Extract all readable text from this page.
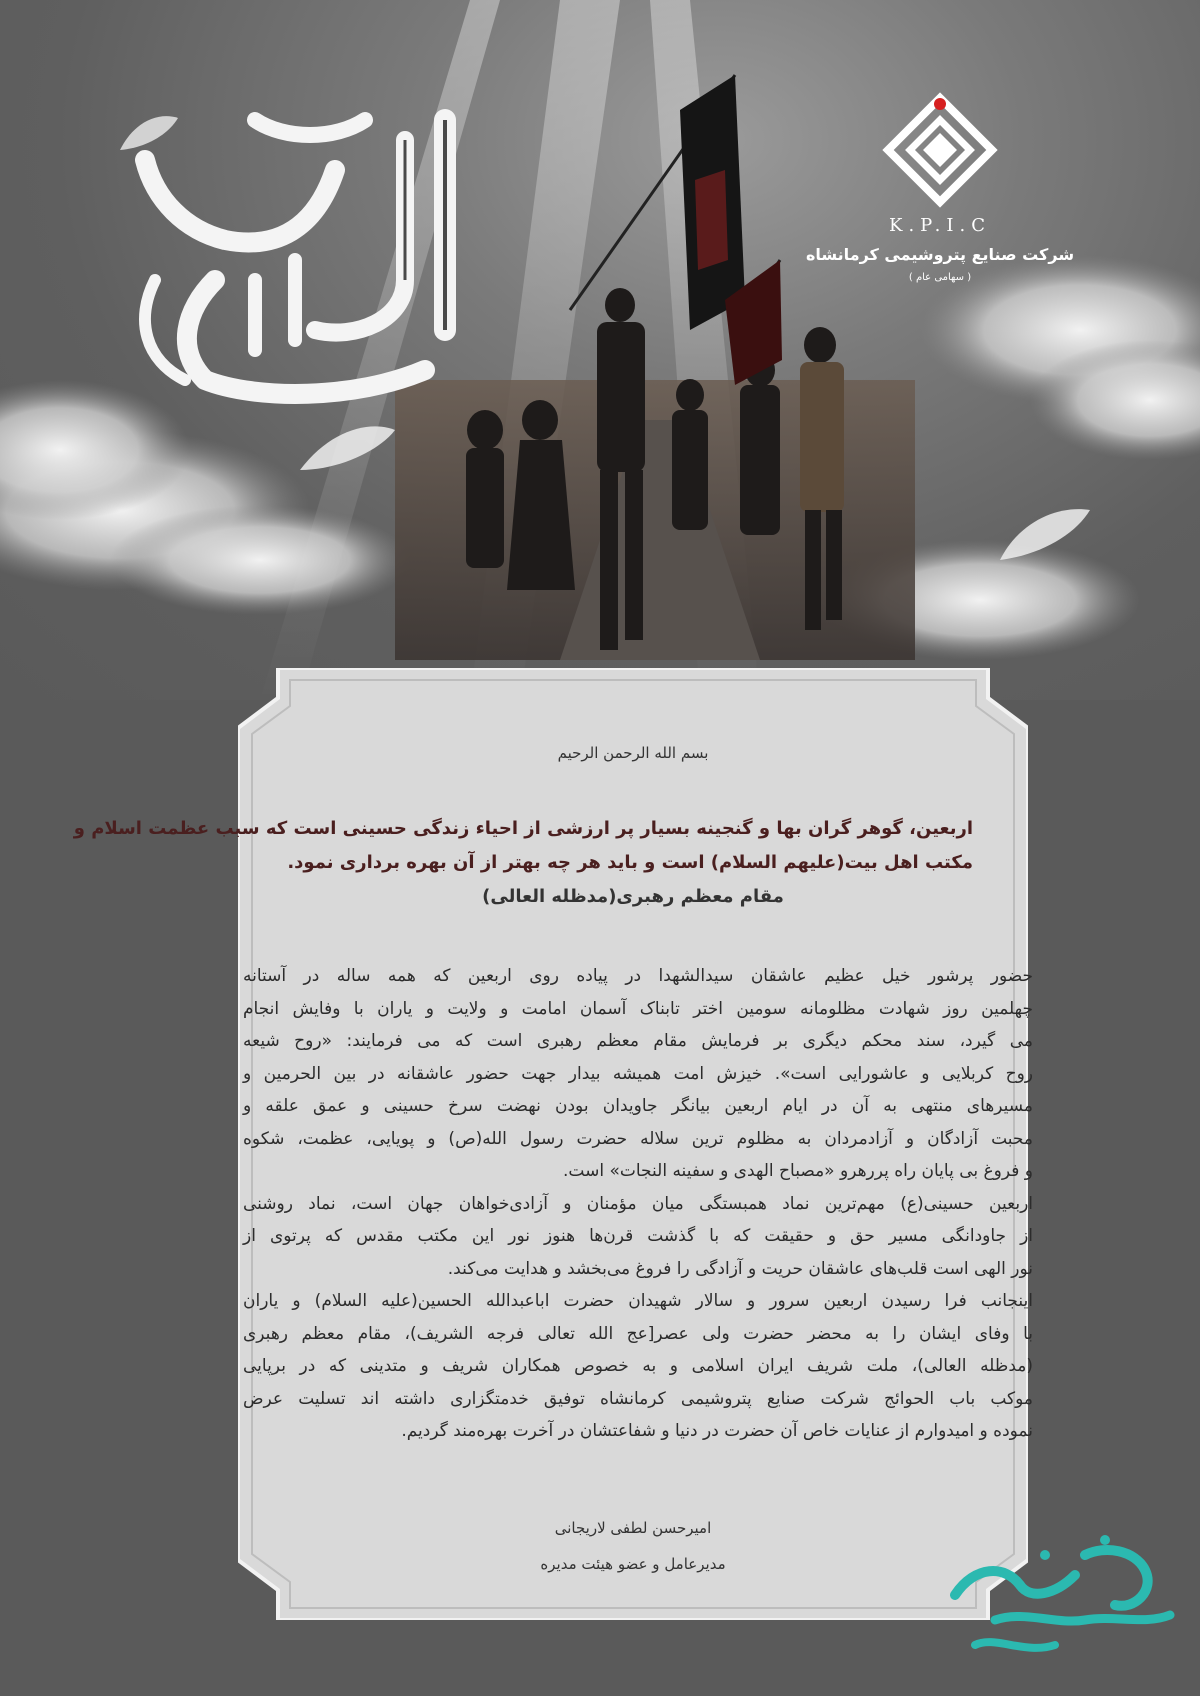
K.P.I.C
شرکت صنایع پتروشیمی کرمانشاه
( سهامی عام )
بسم الله الرحمن الرحیم
اربعین، گوهر گران بها و گنجینه بسیار پر ارزشی از احیاء زندگی حسینی است که سبب عظمت اسلام و
مکتب اهل بیت(علیهم السلام) است و باید هر چه بهتر از آن بهره برداری نمود.
مقام معظم رهبری(مدظله العالی)
حضور پرشور خیل عظیم عاشقان سیدالشهدا در پیاده روی اربعین که همه ساله در آستانه
چهلمین روز شهادت مظلومانه سومین اختر تابناک آسمان امامت و ولایت و یاران با وفایش انجام
می گیرد، سند محکم دیگری بر فرمایش مقام معظم رهبری است که می فرمایند: «روح شیعه
روح کربلایی و عاشورایی است». خیزش امت همیشه بیدار جهت حضور عاشقانه در بین الحرمین و
مسیرهای منتهی به آن در ایام اربعین بیانگر جاویدان بودن نهضت سرخ حسینی و عمق علقه و
محبت آزادگان و آزادمردان به مظلوم ترین سلاله حضرت رسول الله(ص) و پویایی، عظمت، شکوه
و فروغ بی پایان راه پررهرو «مصباح الهدی و سفینه النجات» است.
اربعین حسینی(ع) مهم‌ترین نماد همبستگی میان مؤمنان و آزادی‌خواهان جهان است، نماد روشنی
از جاودانگی مسیر حق و حقیقت که با گذشت قرن‌ها هنوز نور این مکتب مقدس که پرتوی از
نور الهی است قلب‌های عاشقان حریت و آزادگی را فروغ می‌بخشد و هدایت می‌کند.
اینجانب فرا رسیدن اربعین سرور و سالار شهیدان حضرت اباعبدالله الحسین(علیه السلام) و یاران
با وفای ایشان را به محضر حضرت ولی عصر[عج الله تعالی فرجه الشریف)، مقام معظم رهبری
(مدظله العالی)، ملت شریف ایران اسلامی و به خصوص همکاران شریف و متدینی که در برپایی
موکب باب الحوائج شرکت صنایع پتروشیمی کرمانشاه توفیق خدمتگزاری داشته اند تسلیت عرض
نموده و امیدوارم از عنایات خاص آن حضرت در دنیا و شفاعتشان در آخرت بهره‌مند گردیم.
امیرحسن لطفی لاریجانی
مدیرعامل و عضو هیئت مدیره
